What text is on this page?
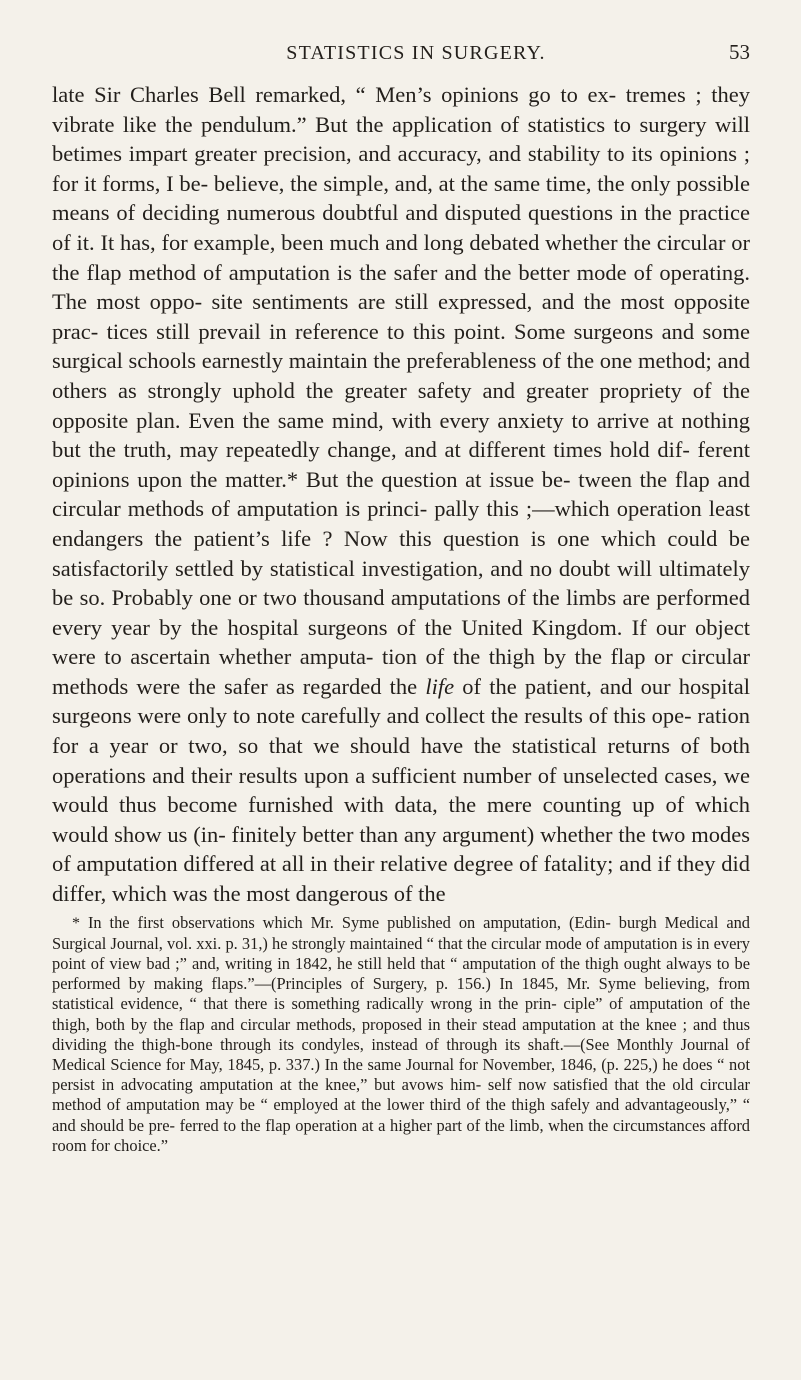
STATISTICS IN SURGERY.	53

late Sir Charles Bell remarked, “ Men’s opinions go to ex- tremes ; they vibrate like the pendulum.” But the application of statistics to surgery will betimes impart greater precision, and accuracy, and stability to its opinions ; for it forms, I be- believe, the simple, and, at the same time, the only possible means of deciding numerous doubtful and disputed questions in the practice of it. It has, for example, been much and long debated whether the circular or the flap method of amputation is the safer and the better mode of operating. The most oppo- site sentiments are still expressed, and the most opposite prac- tices still prevail in reference to this point. Some surgeons and some surgical schools earnestly maintain the preferableness of the one method; and others as strongly uphold the greater safety and greater propriety of the opposite plan. Even the same mind, with every anxiety to arrive at nothing but the truth, may repeatedly change, and at different times hold dif- ferent opinions upon the matter.* But the question at issue be- tween the flap and circular methods of amputation is princi- pally this ;—which operation least endangers the patient’s life ? Now this question is one which could be satisfactorily settled by statistical investigation, and no doubt will ultimately be so. Probably one or two thousand amputations of the limbs are performed every year by the hospital surgeons of the United Kingdom. If our object were to ascertain whether amputa- tion of the thigh by the flap or circular methods were the safer as regarded the life of the patient, and our hospital surgeons were only to note carefully and collect the results of this ope- ration for a year or two, so that we should have the statistical returns of both operations and their results upon a sufficient number of unselected cases, we would thus become furnished with data, the mere counting up of which would show us (in- finitely better than any argument) whether the two modes of amputation differed at all in their relative degree of fatality; and if they did differ, which was the most dangerous of the

* In the first observations which Mr. Syme published on amputation, (Edin- burgh Medical and Surgical Journal, vol. xxi. p. 31,) he strongly maintained “ that the circular mode of amputation is in every point of view bad ;” and, writing in 1842, he still held that “ amputation of the thigh ought always to be performed by making flaps.”—(Principles of Surgery, p. 156.) In 1845, Mr. Syme believing, from statistical evidence, “ that there is something radically wrong in the prin- ciple” of amputation of the thigh, both by the flap and circular methods, proposed in their stead amputation at the knee ; and thus dividing the thigh-bone through its condyles, instead of through its shaft.—(See Monthly Journal of Medical Science for May, 1845, p. 337.) In the same Journal for November, 1846, (p. 225,) he does “ not persist in advocating amputation at the knee,” but avows him- self now satisfied that the old circular method of amputation may be “ employed at the lower third of the thigh safely and advantageously,” “ and should be pre- ferred to the flap operation at a higher part of the limb, when the circumstances afford room for choice.”
